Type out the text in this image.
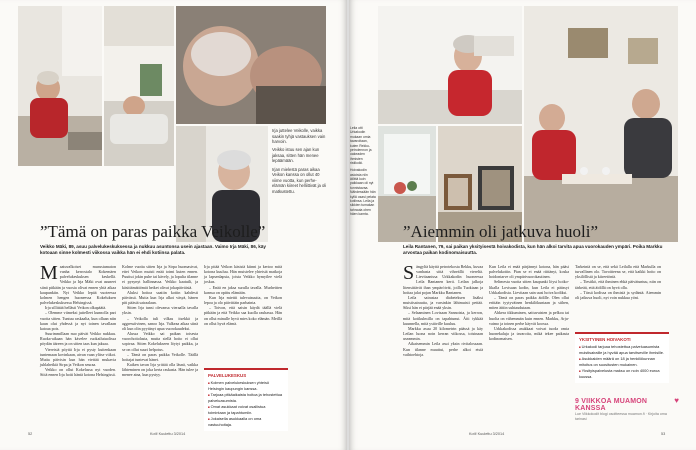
Irja juttelee Veikolle, vaikka saakin tyhjä vastauksen vain harvoin.

Veikko istuu sen ajan kun jaksaa, sitten hän menee lepäämään.

Irjan mielestä paras aikaa Veikon kanssa on ollut 40 viime vuotta, kun perhe-elämän kiireet helliittivät ja oli matkustettu.

”Tämä on paras paikka Veikolle”
Veikko Mäki, 89, asuu palvelukeskuksessa ja nukkuu asuntonsa usein ajastaan. Vaimo Irja Mäki, 86, käy kotoaan sinne kolmesti viikossa vaikka hän ei ehdi kotiinsa palata.

Maatuvalkoiset murustumaton vanha kerrostalo Kokemäen palvelukeskuksen keskellä. Veikko ja Irja Mäki ovat asuneet siinä pitkään ja vuosia olivat ennen yhtä aikaa kaupunkiin. Nyt Veikko lepää vuoteessa kolmen hengen huoneessa Kokeluksen palvelukeskuksessa Helsingissä.

Irja sillittää hellästi Veikon olkapäätä.

– Olemme viimeksi juttelleet kunnolla pari vuotta sitten. Tuntuu raskaalta, kun ollaan niin kaun olut yhdessä ja nyt toinen tavallaan katoaa pois.

Suurimmillaan nuo päivät Veikko nukkuu. Ruoka-aikaan hän kävelee ruokailutuolissa pöydän ääreen ja on sitten taas kun jaksaa.

Viereisiä pöytiä Irja ei pysty kuitenkaan tuntemaan kovinkaan, aivan vaan ylitse viikot. Mutta päivisin kun hän viettää mukavia juhlahetkiä Sirpa ja Veikon seuraa.

Veikko on ollut Kokelassa nyt vuoden. Siitä ennen Irja hoiti häntä kotona Helsingissä.

Kolme vuotta sitten Irja ja Sirpa huomasivat, ettei Veikon muisti enää toimi kuten ennen. Puuttui jokin puhe tai kävely, ja lopulta tilanne ei pysynyt hallinnassa. Veikko kaatuili, ja käsittämättömät hetket olivat jokapäiväisiä.

Aluksi hoitoa saatiin kotiin kahdesti päivässä. Mutta kun Irja alkoi väsyä, hänen piti päästä sairaalaan.

Sitten Irja tunsi olevansa vieraalla tavalla yksin.

– Veikolla tuli vilkas itsekkä ja aggressiivinen, sanoo Irja. Valkeaa aikaa siinä oli kun olin pyytänyt apua vuorokaudeksi.

Alussa Veikko sai paikan toisesta vuorohoitolasta, mutta siellä hoito ei ollut sopivaa. Sitten Kokelukseen löytyi paikka, ja se on ollut suuri helpotus.

– Tämä on paras paikka Veikolle. Täällä hoitajat tuntevat hänet.

Kaiken tavan Irja yrittää olla läsnä, vaikka lähteminen on joka kerta raskasta. Hän tulee ja menee aina, kun pystyy.

Irja pitää Veikon käsistä kiinni ja kertoo mitä kotona kuuluu. Hän muistelee yhteisiä matkoja ja lapsenlapsia, joista Veikko hymyilee vielä joskus.

– Enää en jaksa surulla tavalla. Murheitten kanssa on opittu elämään.

Kun Irja miettii tulevaisuutta, on Veikon lepoa ja olo päivittäin parhainta.

– Toivon, että saisin käydä täällä vielä pitkään ja että Veikko saa kuolla rauhassa. Hän on ollut minulle hyvä mies koko elämän. Meillä on ollut hyvä elämä.

PALVELUKESKUS
■ Kolmen palvelukeskuksen yhteisö Helsingin kaupungin kanssa.
■ Tarjoaa pitkäaikaista hoitoa ja tehostettua palveluasumista.
■ Omat asukkaat voivat osallistua toimintaan ja tapahtumiin.
■ Jokaisella asukkaalla on oma vastuuhoitaja.
52	Koti! Kuulettu 3/2014
”Aiemmin oli jatkuva huoli”
Leila Rantanen, 79, sai paikan yksityisestä hoivakodista, kun hän alkoi tarvita apua vuorokauden ympäri. Poika Markku arvostaa paikan kodinomaisuutta.

Sängyltä käyttä petrotekosta Rekku, kuvaa vanhasta sittä vihreällä viereltä. Lievitaanissa Urkkakodin huoneessa Leila Rantanen kerti. Leilan jalkoja litensittävät ihan ympäröivät, joilla Tuokiaan ja hoitaa jalat pojan Markku Rantanen.

Leila sairastaa diabeteksen lisäksi muistisairautta, ja varsinkin lähimuisti pettää. Siksi hän ei pärjää enää yksin.

– Selaaminen Lovisaan Sannoista, ja kerron, mitä kotikulmilla on tapahtunut. Äiti tykkää kuunnella, mitä ystäville kuuluu.

Markku asuu 20 kilometrin päässä ja käy Leilan luona noin kerran viikossa, toisinaan useammin.

Aikaisemmin Leila asui yksin rivitalossaan. Kun tilanne muuttui, perhe alkoi etsiä vaihtoehtoja.

Kun Leila ei enää pärjännyt kotona, hän pääsi palvelukotiin. Pian se ei enää riittänyt, koska hoidontarve oli ympärivuorokautinen.

Selimesta vuotta sitten kaupunki löysi hoiko-likalla Lovisaan kodin, kun Leila ei päässyt Urkkakodista. Lievitaan sain uusi hoiva kodiksi.

– Tämä on paras paikka äidille. Olen ollut erittäin tyytyväinen henkilökuntaan ja siihen, miten äitiin suhtaudutaan.

Ahkera tikkuminen, sattuvuisten ja pelkoa tai huolta on vähemmän kuin ennen. Markku, Arja-vaimo ja toinen perhe käyvät koossa.

Urkkakodissa asukkaat voivat tuoda omia huonekaluja ja tavaroita, mikä tekee paikasta kodinomaisen.

Tarkeintä on se, että sekä Leilalla että Markulla on turvallinen olo. Tavoitteena se, että kaikki hoito on yksilöllistä ja kiireetöntä.

– Tiesitkö, että ihminen ehkä päivätuntuu, niin on tärkeää, että äidillä on hyvä olla.

– Tässä kodissa on ihmisiä ja sydäntä. Aiemmin oli jatkuva huoli, nyt voin nukkua yöni.

YKSITYINEN HOIVAKOTI
■ Urkakodi tarjoaa tehostettua palveluasumista muistisairaille ja hyvää apua tarvitseville ihmisille.
■ Asukkaiden määrä on 18 ja henkilökunnan mitoitus on suositusten mukainen.
■ Yksityispalvelusta maksu on noin 4000 euroa kuussa.
9 VIIKKOA MUAMON KANSSA
Lue Viikkokodit blogi osoitteessa muamon.fi · Kirjoita oma tarinasi
♥
Koti! Kuulettu 3/2014	53

Leila otti Urkakodin mukaan omia tavaroitaan, kuten Rekku-petrolennon ja oakeaden ihmisten ristikoiki.

Hoivakodin asioista niin älöttä kuin paikkaan oli nyt tunnistavaa. Nähdessään hän kyllä osasi pelata kotiinsa. Leila ja sikkien tumakan tahrauta ohen häen kamta.
